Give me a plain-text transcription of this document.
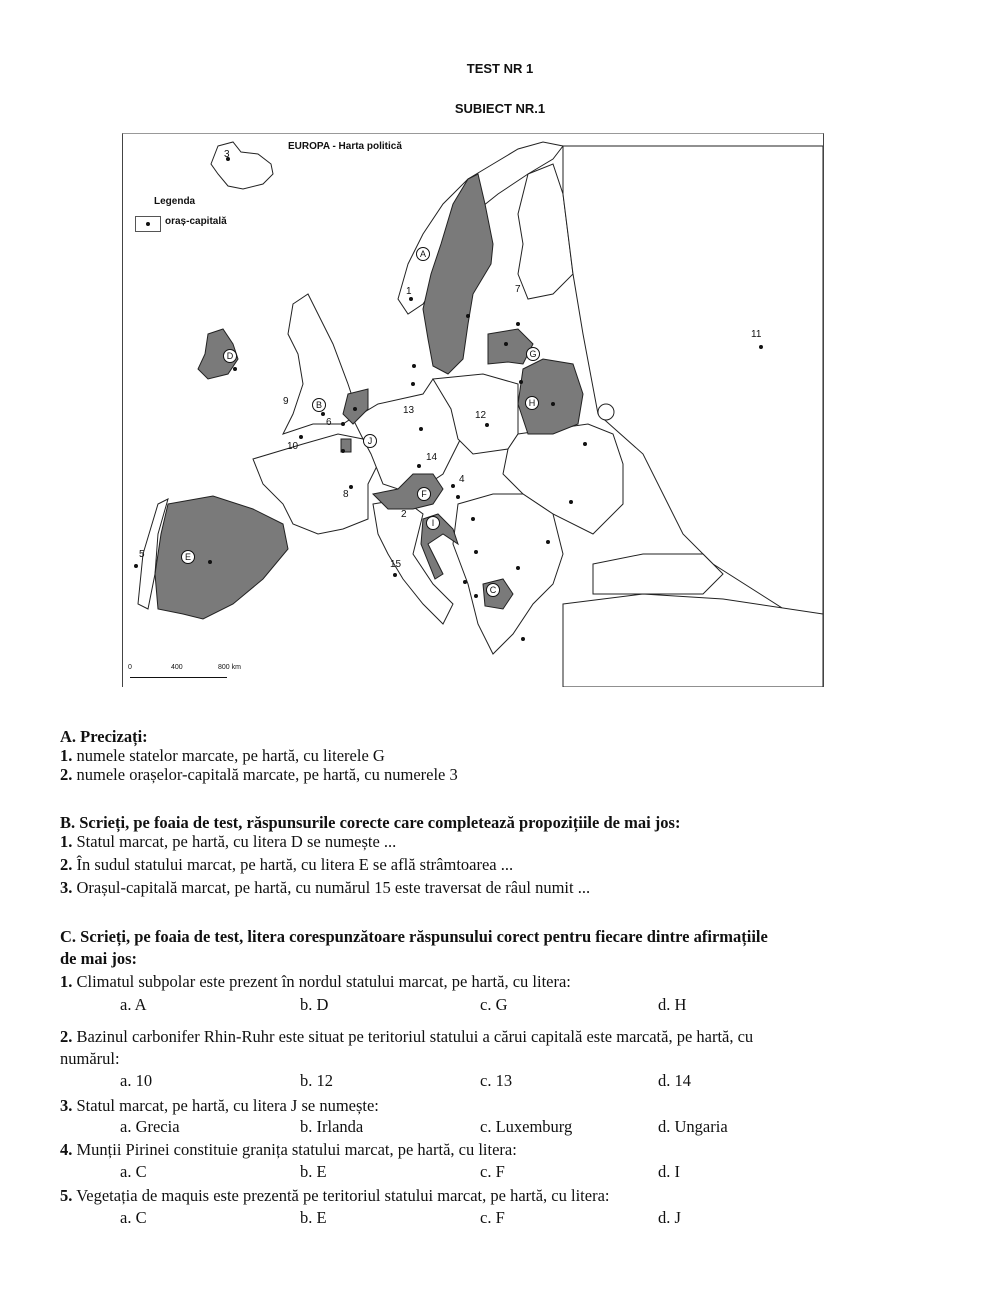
TEST NR 1
SUBIECT NR.1
EUROPA - Harta politică
Legenda
oraș-capitală
0	400	800 km
1
2
3
4
5
6
7
8
9
10
11
12
13
14
15
A
B
C
D
E
F
G
H
I
J
A. Precizați:
1. numele statelor marcate, pe hartă, cu literele G
2. numele orașelor-capitală marcate, pe hartă, cu numerele 3
B. Scrieți, pe foaia de test, răspunsurile corecte care completează propozițiile de mai jos:
1. Statul marcat, pe hartă, cu litera D se numește ...
2. În sudul statului marcat, pe hartă, cu litera E se află strâmtoarea ...
3. Orașul-capitală marcat, pe hartă, cu numărul 15 este traversat de râul numit ...
C. Scrieți, pe foaia de test, litera corespunzătoare răspunsului corect pentru fiecare dintre afirmațiile
de mai jos:
1. Climatul subpolar este prezent în nordul statului marcat, pe hartă, cu litera:
a. A	b. D	c. G	d. H
2. Bazinul carbonifer Rhin-Ruhr este situat pe teritoriul statului a cărui capitală este marcată, pe hartă, cu
numărul:
a. 10	b. 12	c. 13	d. 14
3. Statul marcat, pe hartă, cu litera J se numește:
a. Grecia	b. Irlanda	c. Luxemburg	d. Ungaria
4. Munții Pirinei constituie granița statului marcat, pe hartă, cu litera:
a. C	b. E	c. F	d. I
5. Vegetația de maquis este prezentă pe teritoriul statului marcat, pe hartă, cu litera:
a. C	b. E	c. F	d. J
